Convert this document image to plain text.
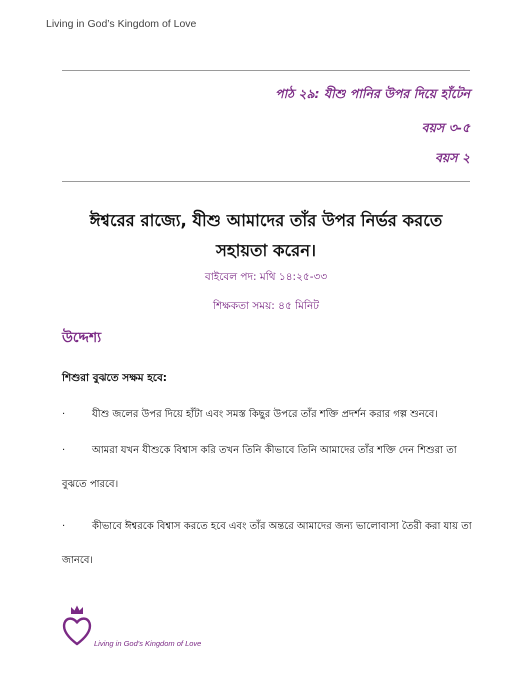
Living in God’s Kingdom of Love
পাঠ ২৯: যীশু পানির উপর দিয়ে হাঁটেন
বয়স ৩-৫
বয়স ২
ঈশ্বরের রাজ্যে, যীশু আমাদের তাঁর উপর নির্ভর করতে সহায়তা করেন।
বাইবেল পদ: মথি ১৪:২৫-৩৩
শিক্ষকতা সময়: ৪৫ মিনিট
উদ্দেশ্য
শিশুরা বুঝতে সক্ষম হবে:
·	যীশু জলের উপর দিয়ে হাঁটা এবং সমস্ত কিছুর উপরে তাঁর শক্তি প্রদর্শন করার গল্প শুনবে।
·	আমরা যখন যীশুকে বিশ্বাস করি তখন তিনি কীভাবে তিনি আমাদের তাঁর শক্তি দেন শিশুরা তা
বুঝতে পারবে।
·	কীভাবে ঈশ্বরকে বিশ্বাস করতে হবে এবং তাঁর অন্তরে আমাদের জন্য ভালোবাসা তৈরী করা যায় তা
জানবে।
Living in God's Kingdom of Love
